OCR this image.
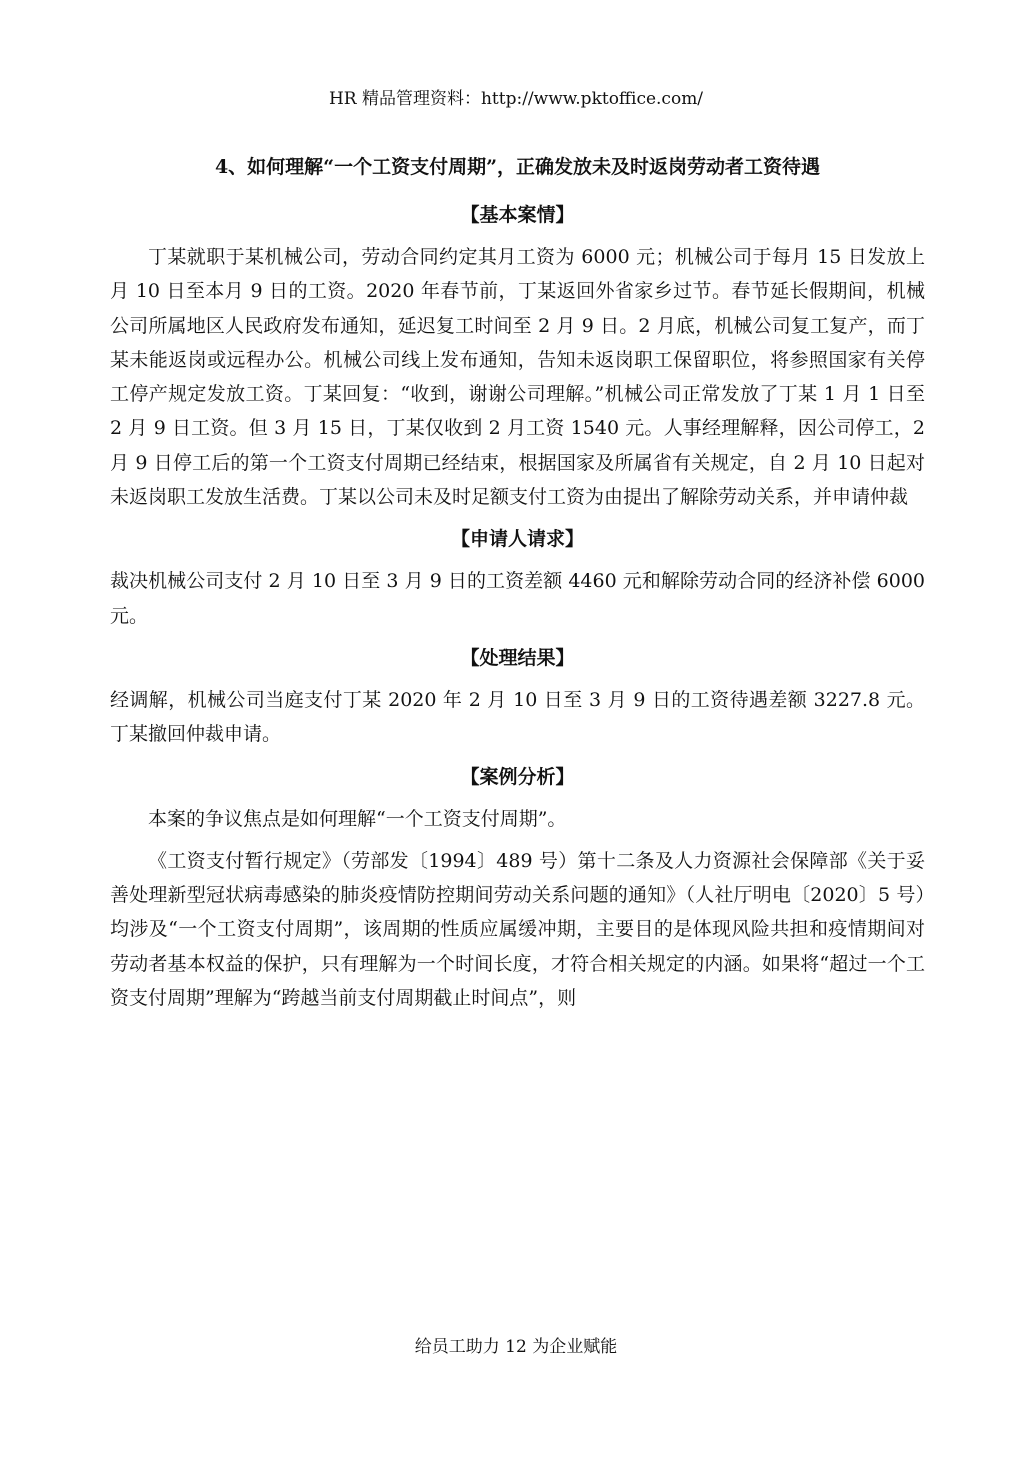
HR 精品管理资料：http://www.pktoffice.com/
4、如何理解“一个工资支付周期”，正确发放未及时返岗劳动者工资待遇
【基本案情】

丁某就职于某机械公司，劳动合同约定其月工资为 6000 元；机械公司于每月 15 日发放上月 10 日至本月 9 日的工资。2020 年春节前，丁某返回外省家乡过节。春节延长假期间，机械公司所属地区人民政府发布通知，延迟复工时间至 2 月 9 日。2 月底，机械公司复工复产，而丁某未能返岗或远程办公。机械公司线上发布通知，告知未返岗职工保留职位，将参照国家有关停工停产规定发放工资。丁某回复：“收到，谢谢公司理解。”机械公司正常发放了丁某 1 月 1 日至 2 月 9 日工资。但 3 月 15 日，丁某仅收到 2 月工资 1540 元。人事经理解释，因公司停工，2 月 9 日停工后的第一个工资支付周期已经结束，根据国家及所属省有关规定，自 2 月 10 日起对未返岗职工发放生活费。丁某以公司未及时足额支付工资为由提出了解除劳动关系，并申请仲裁

【申请人请求】

裁决机械公司支付 2 月 10 日至 3 月 9 日的工资差额 4460 元和解除劳动合同的经济补偿 6000 元。

【处理结果】

经调解，机械公司当庭支付丁某 2020 年 2 月 10 日至 3 月 9 日的工资待遇差额 3227.8 元。丁某撤回仲裁申请。

【案例分析】

本案的争议焦点是如何理解“一个工资支付周期”。

《工资支付暂行规定》（劳部发〔1994〕489 号）第十二条及人力资源社会保障部《关于妥善处理新型冠状病毒感染的肺炎疫情防控期间劳动关系问题的通知》（人社厅明电〔2020〕5 号）均涉及“一个工资支付周期”，该周期的性质应属缓冲期，主要目的是体现风险共担和疫情期间对劳动者基本权益的保护，只有理解为一个时间长度，才符合相关规定的内涵。如果将“超过一个工资支付周期”理解为“跨越当前支付周期截止时间点”，则

给员工助力 12 为企业赋能
